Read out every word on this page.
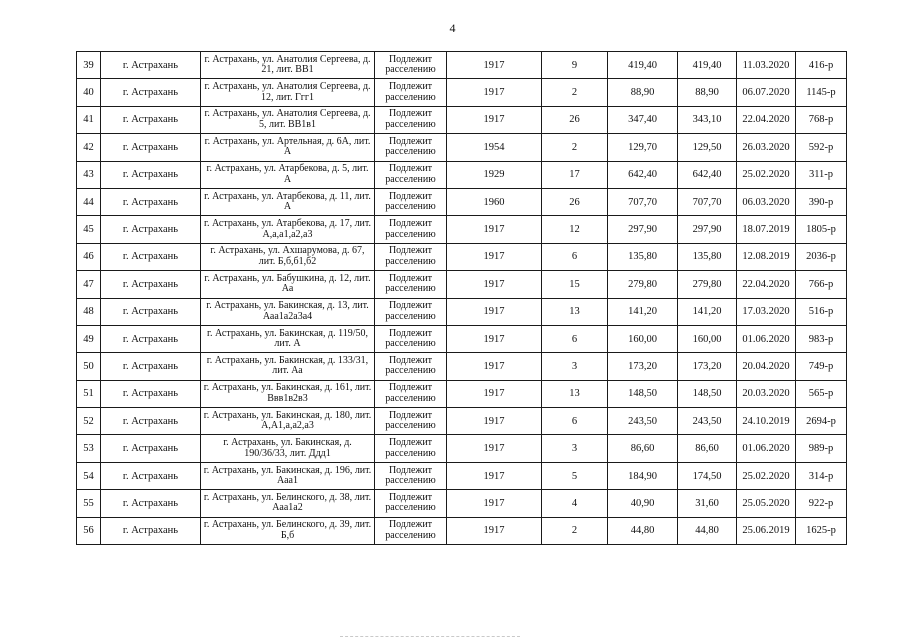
4
39	г. Астрахань	г. Астрахань, ул. Анатолия Сергеева, д. 21, лит. ВВ1	Подлежит расселению	1917	9	419,40	419,40	11.03.2020	416-р
40	г. Астрахань	г. Астрахань, ул. Анатолия Сергеева, д. 12, лит. Ггг1	Подлежит расселению	1917	2	88,90	88,90	06.07.2020	1145-р
41	г. Астрахань	г. Астрахань, ул. Анатолия Сергеева, д. 5, лит. ВВ1в1	Подлежит расселению	1917	26	347,40	343,10	22.04.2020	768-р
42	г. Астрахань	г. Астрахань, ул. Артельная, д. 6А, лит. А	Подлежит расселению	1954	2	129,70	129,50	26.03.2020	592-р
43	г. Астрахань	г. Астрахань, ул. Атарбекова, д. 5, лит. А	Подлежит расселению	1929	17	642,40	642,40	25.02.2020	311-р
44	г. Астрахань	г. Астрахань, ул. Атарбекова, д. 11, лит. А	Подлежит расселению	1960	26	707,70	707,70	06.03.2020	390-р
45	г. Астрахань	г. Астрахань, ул. Атарбекова, д. 17, лит. А,а,а1,а2,а3	Подлежит расселению	1917	12	297,90	297,90	18.07.2019	1805-р
46	г. Астрахань	г. Астрахань, ул. Ахшарумова, д. 67, лит. Б,б,б1,б2	Подлежит расселению	1917	6	135,80	135,80	12.08.2019	2036-р
47	г. Астрахань	г. Астрахань, ул. Бабушкина, д. 12, лит. Аа	Подлежит расселению	1917	15	279,80	279,80	22.04.2020	766-р
48	г. Астрахань	г. Астрахань, ул. Бакинская, д. 13, лит. Ааа1а2а3а4	Подлежит расселению	1917	13	141,20	141,20	17.03.2020	516-р
49	г. Астрахань	г. Астрахань, ул. Бакинская, д. 119/50, лит. А	Подлежит расселению	1917	6	160,00	160,00	01.06.2020	983-р
50	г. Астрахань	г. Астрахань, ул. Бакинская, д. 133/31, лит. Аа	Подлежит расселению	1917	3	173,20	173,20	20.04.2020	749-р
51	г. Астрахань	г. Астрахань, ул. Бакинская, д. 161, лит. Ввв1в2в3	Подлежит расселению	1917	13	148,50	148,50	20.03.2020	565-р
52	г. Астрахань	г. Астрахань, ул. Бакинская, д. 180, лит. А,А1,а,а2,а3	Подлежит расселению	1917	6	243,50	243,50	24.10.2019	2694-р
53	г. Астрахань	г. Астрахань, ул. Бакинская, д. 190/36/33, лит. Ддд1	Подлежит расселению	1917	3	86,60	86,60	01.06.2020	989-р
54	г. Астрахань	г. Астрахань, ул. Бакинская, д. 196, лит. Ааа1	Подлежит расселению	1917	5	184,90	174,50	25.02.2020	314-р
55	г. Астрахань	г. Астрахань, ул. Белинского, д. 38, лит. Ааа1а2	Подлежит расселению	1917	4	40,90	31,60	25.05.2020	922-р
56	г. Астрахань	г. Астрахань, ул. Белинского, д. 39, лит. Б,б	Подлежит расселению	1917	2	44,80	44,80	25.06.2019	1625-р
